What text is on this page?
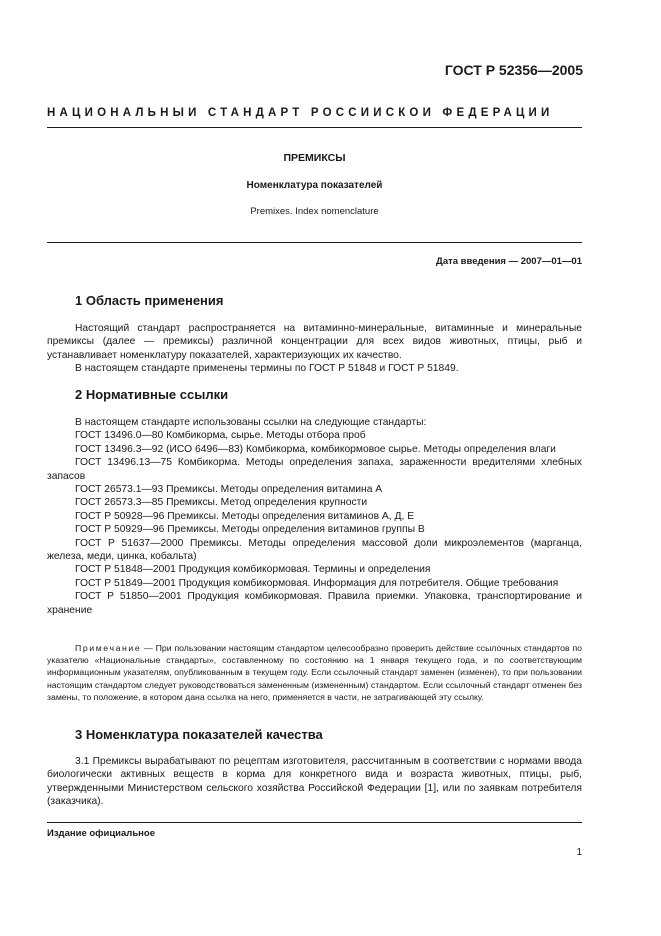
ГОСТ Р 52356—2005
НАЦИОНАЛЬНЫЙ СТАНДАРТ РОССИЙСКОЙ ФЕДЕРАЦИИ
ПРЕМИКСЫ
Номенклатура показателей
Premixes. Index nomenclature
Дата введения — 2007—01—01
1 Область применения

Настоящий стандарт распространяется на витаминно-минеральные, витаминные и минеральные премиксы (далее — премиксы) различной концентрации для всех видов животных, птицы, рыб и устанавливает номенклатуру показателей, характеризующих их качество.

В настоящем стандарте применены термины по ГОСТ Р 51848 и ГОСТ Р 51849.

2 Нормативные ссылки

В настоящем стандарте использованы ссылки на следующие стандарты:

ГОСТ 13496.0—80 Комбикорма, сырье. Методы отбора проб

ГОСТ 13496.3—92 (ИСО 6496—83) Комбикорма, комбикормовое сырье. Методы определения влаги

ГОСТ 13496.13—75 Комбикорма. Методы определения запаха, зараженности вредителями хлебных запасов

ГОСТ 26573.1—93 Премиксы. Методы определения витамина А

ГОСТ 26573.3—85 Премиксы. Метод определения крупности

ГОСТ Р 50928—96 Премиксы. Методы определения витаминов А, Д, Е

ГОСТ Р 50929—96 Премиксы. Методы определения витаминов группы В

ГОСТ Р 51637—2000 Премиксы. Методы определения массовой доли микроэлементов (марганца, железа, меди, цинка, кобальта)

ГОСТ Р 51848—2001 Продукция комбикормовая. Термины и определения

ГОСТ Р 51849—2001 Продукция комбикормовая. Информация для потребителя. Общие требования

ГОСТ Р 51850—2001 Продукция комбикормовая. Правила приемки. Упаковка, транспортирование и хранение

Примечание — При пользовании настоящим стандартом целесообразно проверить действие ссылочных стандартов по указателю «Национальные стандарты», составленному по состоянию на 1 января текущего года, и по соответствующим информационным указателям, опубликованным в текущем году. Если ссылочный стандарт заменен (изменен), то при пользовании настоящим стандартом следует руководствоваться замененным (измененным) стандартом. Если ссылочный стандарт отменен без замены, то положение, в котором дана ссылка на него, применяется в части, не затрагивающей эту ссылку.

3 Номенклатура показателей качества

3.1 Премиксы вырабатывают по рецептам изготовителя, рассчитанным в соответствии с нормами ввода биологически активных веществ в корма для конкретного вида и возраста животных, птицы, рыб, утвержденными Министерством сельского хозяйства Российской Федерации [1], или по заявкам потребителя (заказчика).

Издание официальное
1
